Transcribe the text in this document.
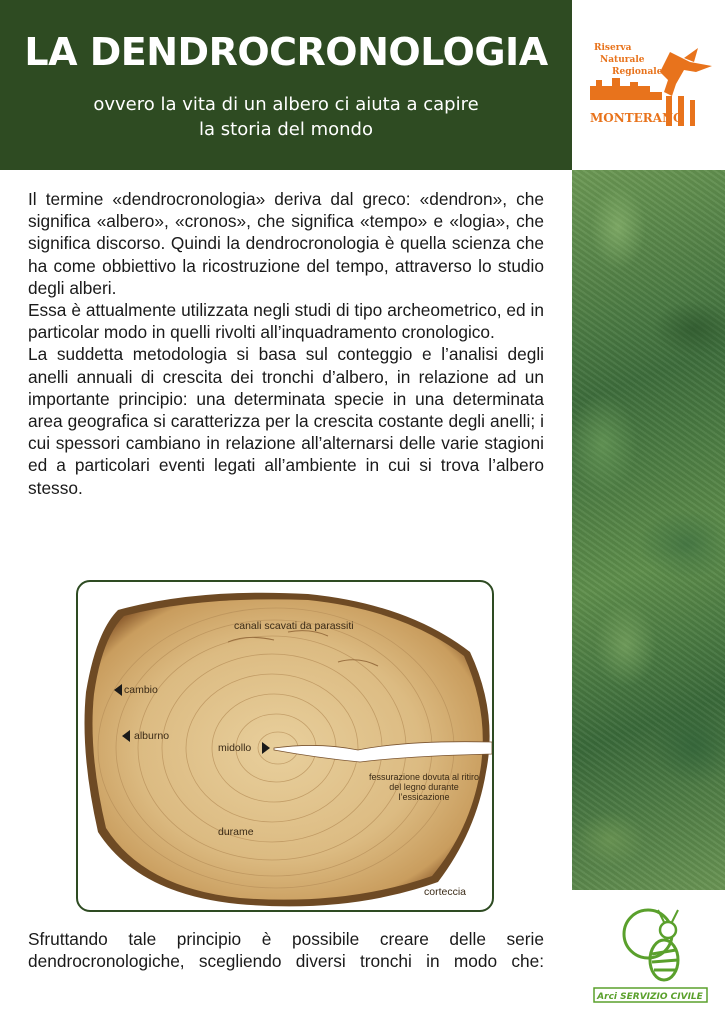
LA DENDROCRONOLOGIA
ovvero la vita di un albero ci aiuta a capire
la storia del mondo
Riserva
Naturale
Regionale
MONTERANO

Il termine «dendrocronologia» deriva dal greco: «dendron», che significa «albero», «cronos», che significa «tempo» e «logia», che significa discorso. Quindi la dendrocronologia è quella scienza che ha come obbiettivo la ricostruzione del tempo, attraverso lo studio degli alberi.

Essa è attualmente utilizzata negli studi di tipo archeometrico, ed in particolar modo in quelli rivolti all’inquadramento cronologico.

La suddetta metodologia si basa sul conteggio e l’analisi degli anelli annuali di crescita dei tronchi d’albero, in relazione ad un importante principio: una determinata specie in una determinata area geografica si caratterizza per la crescita costante degli anelli; i cui spessori cambiano in relazione all’alternarsi delle varie stagioni ed a particolari eventi legati all’ambiente in cui si trova l’albero stesso.

canali scavati da parassiti
cambio
alburno
midollo
fessurazione dovuta al ritiro del legno durante l’essicazione
durame
corteccia
Sfruttando tale principio è possibile creare delle serie dendrocronologiche, scegliendo diversi tronchi in modo che:
Arci SERVIZIO CIVILE
